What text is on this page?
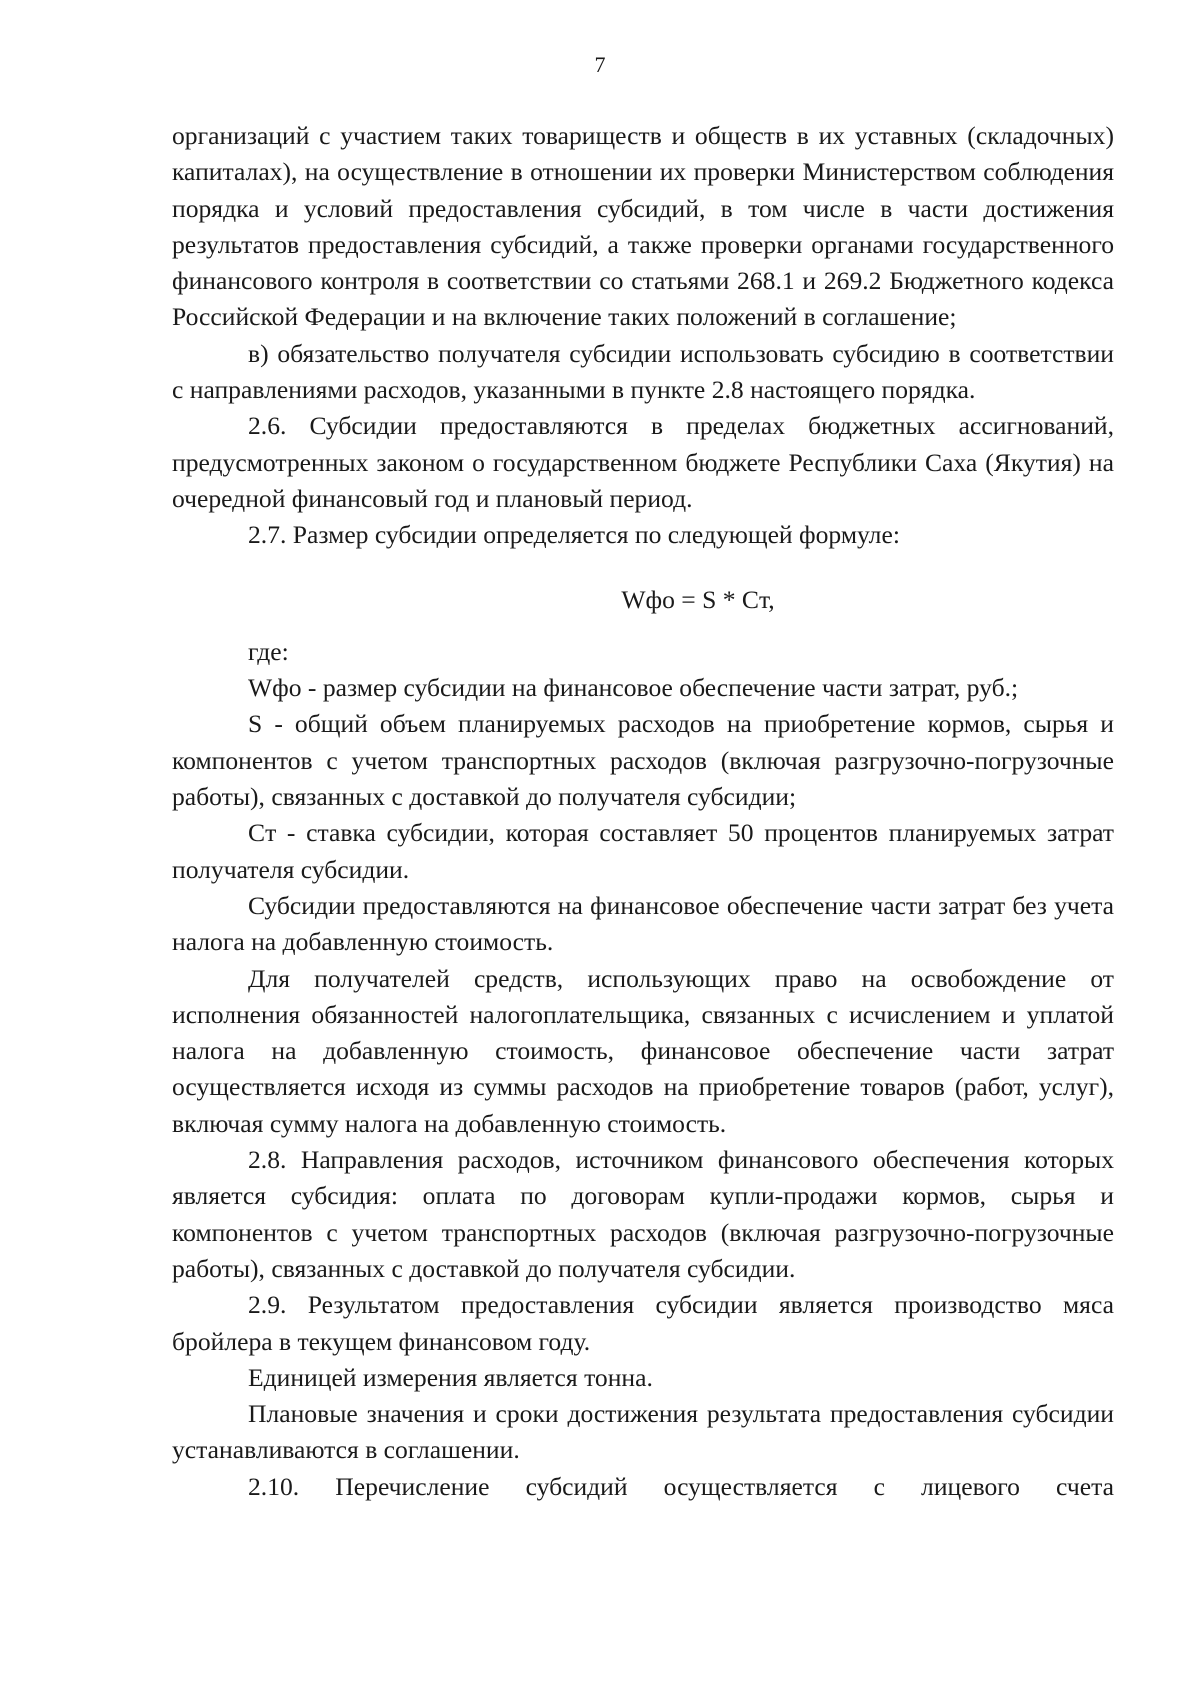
7

организаций с участием таких товариществ и обществ в их уставных (складочных) капиталах), на осуществление в отношении их проверки Министерством соблюдения порядка и условий предоставления субсидий, в том числе в части достижения результатов предоставления субсидий, а также проверки органами государственного финансового контроля в соответствии со статьями 268.1 и 269.2 Бюджетного кодекса Российской Федерации и на включение таких положений в соглашение;

в) обязательство получателя субсидии использовать субсидию в соответствии с направлениями расходов, указанными в пункте 2.8 настоящего порядка.

2.6. Субсидии предоставляются в пределах бюджетных ассигнований, предусмотренных законом о государственном бюджете Республики Саха (Якутия) на очередной финансовый год и плановый период.

2.7. Размер субсидии определяется по следующей формуле:

Wфо = S * Cт,

где:

Wфо - размер субсидии на финансовое обеспечение части затрат, руб.;

S - общий объем планируемых расходов на приобретение кормов, сырья и компонентов с учетом транспортных расходов (включая разгрузочно-погрузочные работы), связанных с доставкой до получателя субсидии;

Cт - ставка субсидии, которая составляет 50 процентов планируемых затрат получателя субсидии.

Субсидии предоставляются на финансовое обеспечение части затрат без учета налога на добавленную стоимость.

Для получателей средств, использующих право на освобождение от исполнения обязанностей налогоплательщика, связанных с исчислением и уплатой налога на добавленную стоимость, финансовое обеспечение части затрат осуществляется исходя из суммы расходов на приобретение товаров (работ, услуг), включая сумму налога на добавленную стоимость.

2.8. Направления расходов, источником финансового обеспечения которых является субсидия: оплата по договорам купли-продажи кормов, сырья и компонентов с учетом транспортных расходов (включая разгрузочно-погрузочные работы), связанных с доставкой до получателя субсидии.

2.9. Результатом предоставления субсидии является производство мяса бройлера в текущем финансовом году.

Единицей измерения является тонна.

Плановые значения и сроки достижения результата предоставления субсидии устанавливаются в соглашении.

2.10. Перечисление субсидий осуществляется с лицевого счета
